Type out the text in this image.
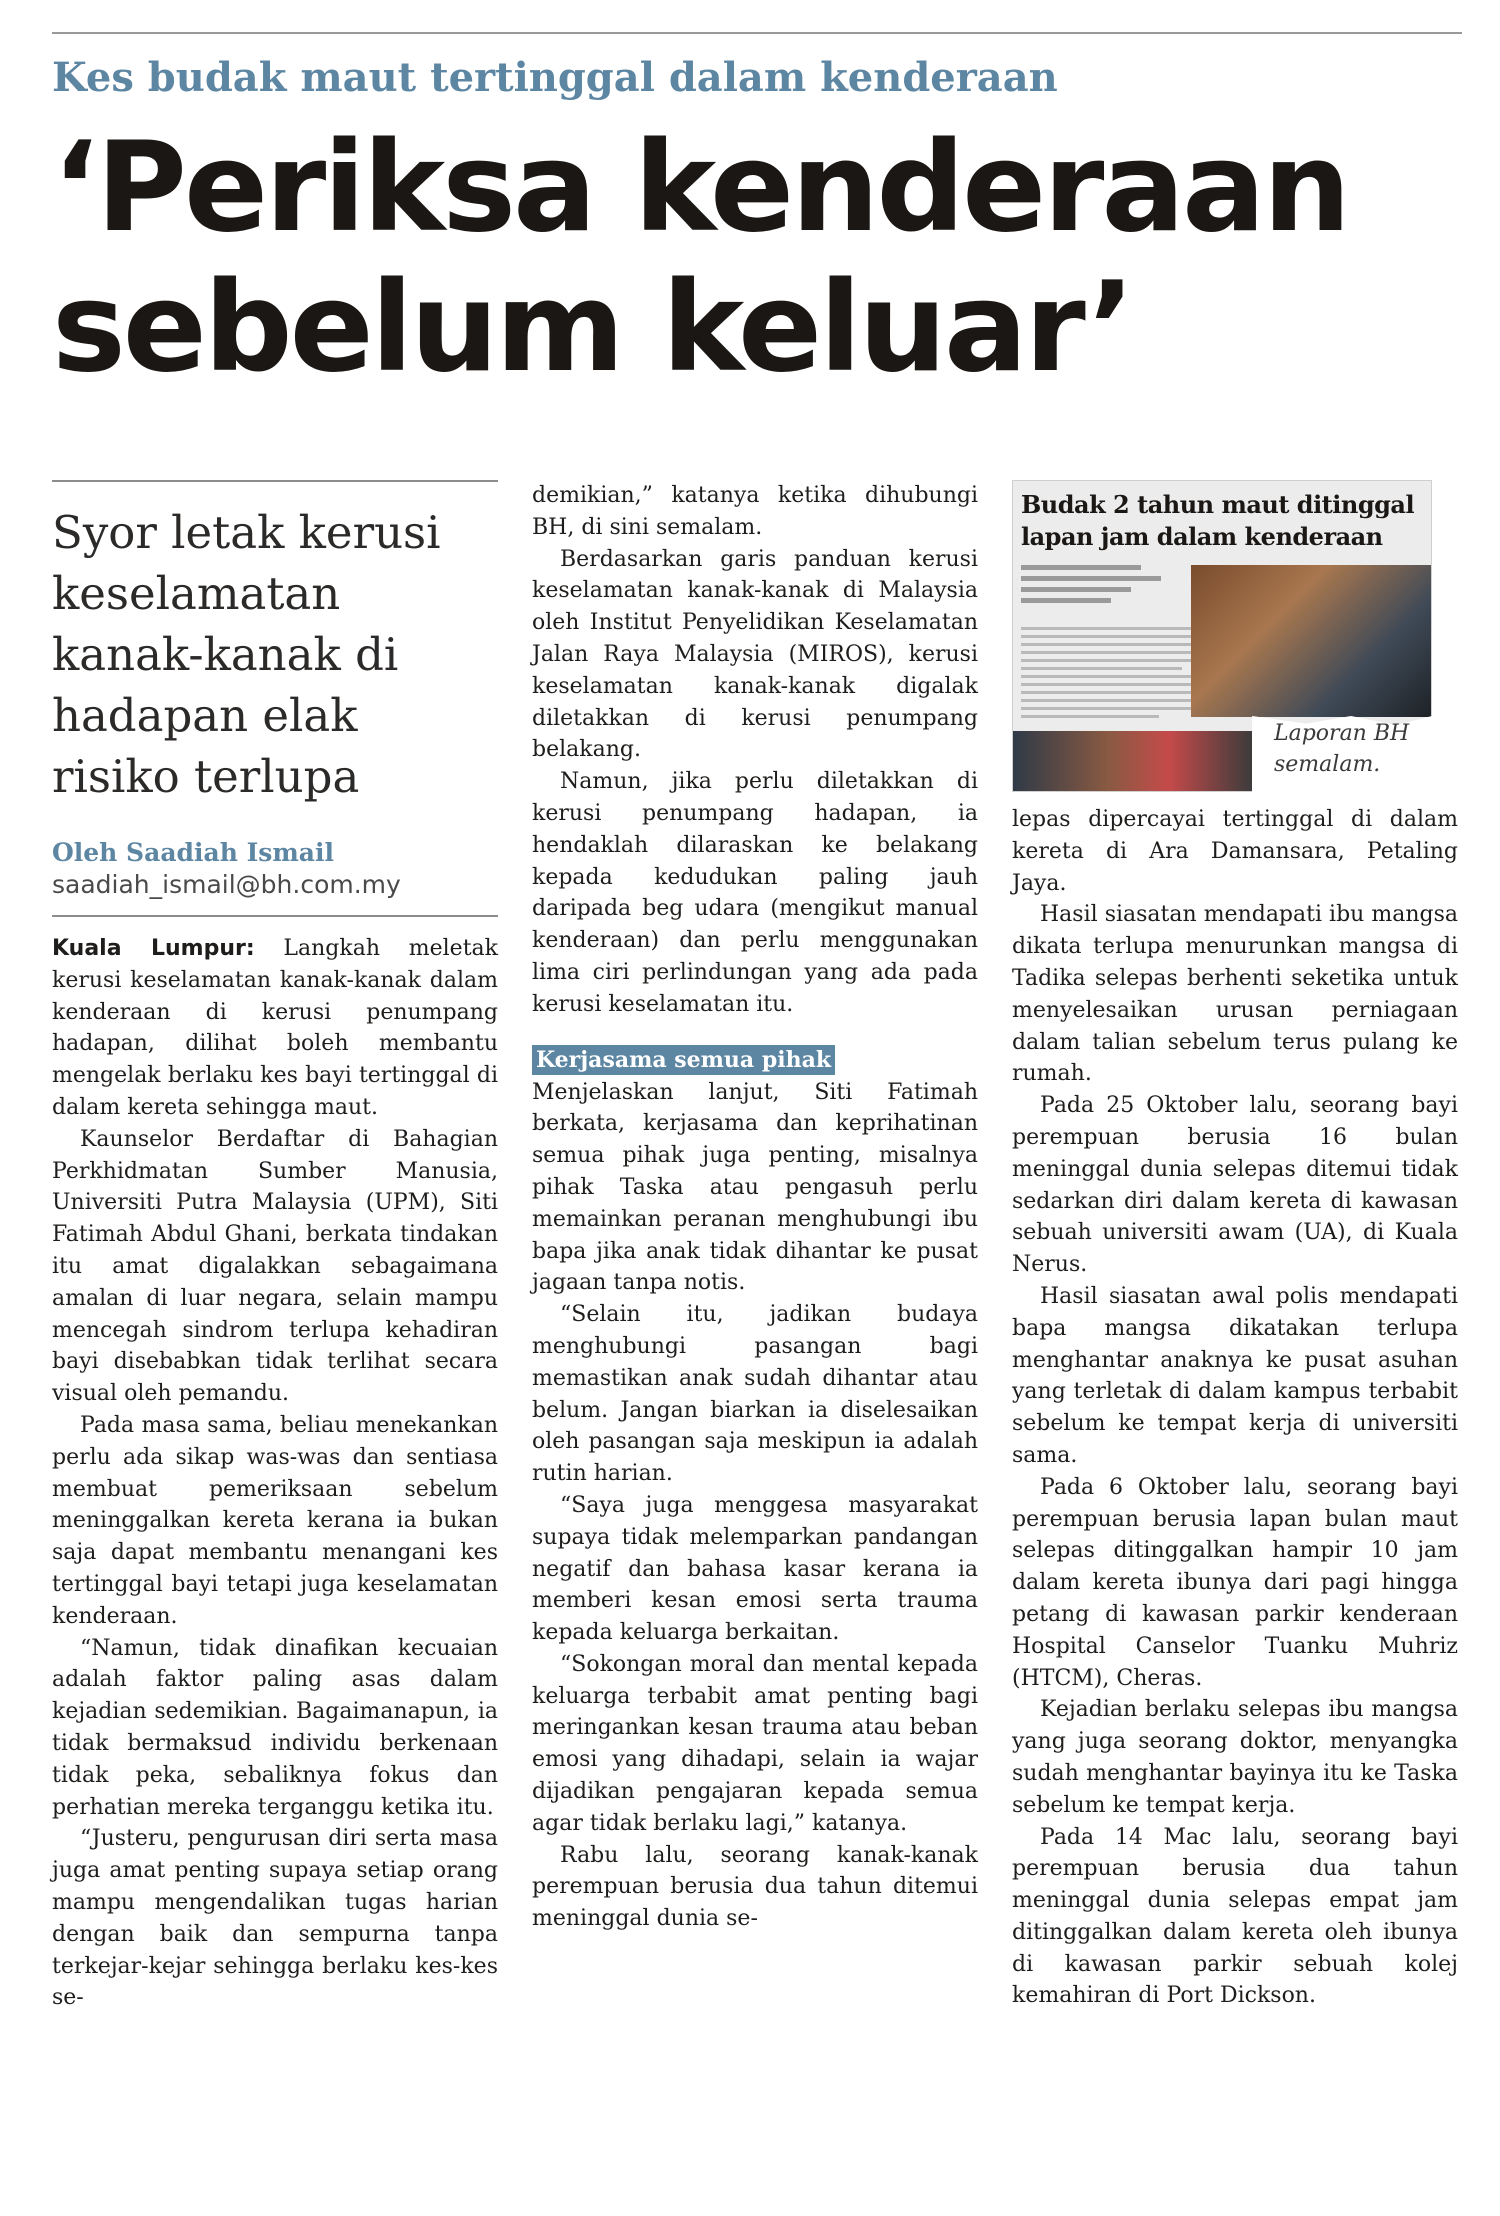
Kes budak maut tertinggal dalam kenderaan
‘Periksa kenderaan
sebelum keluar’
Syor letak kerusi keselamatan kanak-kanak di hadapan elak risiko terlupa
Oleh Saadiah Ismail
saadiah_ismail@bh.com.my

Kuala Lumpur: Langkah meletak kerusi keselamatan kanak-kanak dalam kenderaan di kerusi penumpang hadapan, dilihat boleh membantu mengelak berlaku kes bayi tertinggal di dalam kereta sehingga maut.

Kaunselor Berdaftar di Bahagian Perkhidmatan Sumber Manusia, Universiti Putra Malaysia (UPM), Siti Fatimah Abdul Ghani, berkata tindakan itu amat digalakkan sebagaimana amalan di luar negara, selain mampu mencegah sindrom terlupa kehadiran bayi disebabkan tidak terlihat secara visual oleh pemandu.

Pada masa sama, beliau menekankan perlu ada sikap was-was dan sentiasa membuat pemeriksaan sebelum meninggalkan kereta kerana ia bukan saja dapat membantu menangani kes tertinggal bayi tetapi juga keselamatan kenderaan.

“Namun, tidak dinafikan kecuaian adalah faktor paling asas dalam kejadian sedemikian. Bagaimanapun, ia tidak bermaksud individu berkenaan tidak peka, sebaliknya fokus dan perhatian mereka terganggu ketika itu.

“Justeru, pengurusan diri serta masa juga amat penting supaya setiap orang mampu mengendalikan tugas harian dengan baik dan sempurna tanpa terkejar-kejar sehingga berlaku kes-kes se-

demikian,” katanya ketika dihubungi BH, di sini semalam.

Berdasarkan garis panduan kerusi keselamatan kanak-kanak di Malaysia oleh Institut Penyelidikan Keselamatan Jalan Raya Malaysia (MIROS), kerusi keselamatan kanak-kanak digalak diletakkan di kerusi penumpang belakang.

Namun, jika perlu diletakkan di kerusi penumpang hadapan, ia hendaklah dilaraskan ke belakang kepada kedudukan paling jauh daripada beg udara (mengikut manual kenderaan) dan perlu menggunakan lima ciri perlindungan yang ada pada kerusi keselamatan itu.

Kerjasama semua pihak

Menjelaskan lanjut, Siti Fatimah berkata, kerjasama dan keprihatinan semua pihak juga penting, misalnya pihak Taska atau pengasuh perlu memainkan peranan menghubungi ibu bapa jika anak tidak dihantar ke pusat jagaan tanpa notis.

“Selain itu, jadikan budaya menghubungi pasangan bagi memastikan anak sudah dihantar atau belum. Jangan biarkan ia diselesaikan oleh pasangan saja meskipun ia adalah rutin harian.

“Saya juga menggesa masyarakat supaya tidak melemparkan pandangan negatif dan bahasa kasar kerana ia memberi kesan emosi serta trauma kepada keluarga berkaitan.

“Sokongan moral dan mental kepada keluarga terbabit amat penting bagi meringankan kesan trauma atau beban emosi yang dihadapi, selain ia wajar dijadikan pengajaran kepada semua agar tidak berlaku lagi,” katanya.

Rabu lalu, seorang kanak-kanak perempuan berusia dua tahun ditemui meninggal dunia se-

Budak 2 tahun maut ditinggal lapan jam dalam kenderaan
Laporan BH semalam.

lepas dipercayai tertinggal di dalam kereta di Ara Damansara, Petaling Jaya.

Hasil siasatan mendapati ibu mangsa dikata terlupa menurunkan mangsa di Tadika selepas berhenti seketika untuk menyelesaikan urusan perniagaan dalam talian sebelum terus pulang ke rumah.

Pada 25 Oktober lalu, seorang bayi perempuan berusia 16 bulan meninggal dunia selepas ditemui tidak sedarkan diri dalam kereta di kawasan sebuah universiti awam (UA), di Kuala Nerus.

Hasil siasatan awal polis mendapati bapa mangsa dikatakan terlupa menghantar anaknya ke pusat asuhan yang terletak di dalam kampus terbabit sebelum ke tempat kerja di universiti sama.

Pada 6 Oktober lalu, seorang bayi perempuan berusia lapan bulan maut selepas ditinggalkan hampir 10 jam dalam kereta ibunya dari pagi hingga petang di kawasan parkir kenderaan Hospital Canselor Tuanku Muhriz (HTCM), Cheras.

Kejadian berlaku selepas ibu mangsa yang juga seorang doktor, menyangka sudah menghantar bayinya itu ke Taska sebelum ke tempat kerja.

Pada 14 Mac lalu, seorang bayi perempuan berusia dua tahun meninggal dunia selepas empat jam ditinggalkan dalam kereta oleh ibunya di kawasan parkir sebuah kolej kemahiran di Port Dickson.
